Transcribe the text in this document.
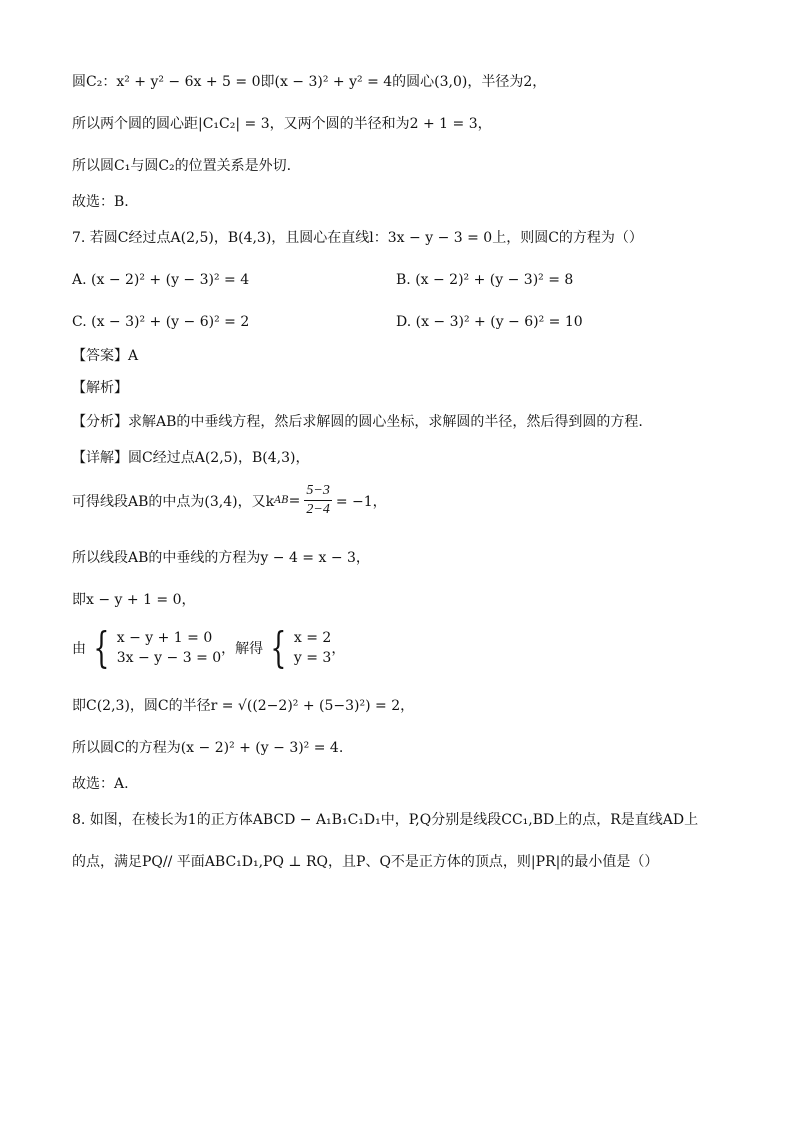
圆C₂：x² + y² − 6x + 5 = 0即(x − 3)² + y² = 4的圆心(3,0)，半径为2，
所以两个圆的圆心距|C₁C₂| = 3，又两个圆的半径和为2 + 1 = 3，
所以圆C₁与圆C₂的位置关系是外切.
故选：B.
7. 若圆C经过点A(2,5)，B(4,3)，且圆心在直线l：3x − y − 3 = 0上，则圆C的方程为（）
A. (x − 2)² + (y − 3)² = 4	B. (x − 2)² + (y − 3)² = 8
C. (x − 3)² + (y − 6)² = 2	D. (x − 3)² + (y − 6)² = 10
【答案】A
【解析】
【分析】求解AB的中垂线方程，然后求解圆的圆心坐标，求解圆的半径，然后得到圆的方程.
【详解】圆C经过点A(2,5)，B(4,3)，
可得线段AB的中点为(3,4)，又k AB = $\frac{5-3}{2-4} = -1$，
所以线段AB的中垂线的方程为y − 4 = x − 3，
即x − y + 1 = 0，
由 { x − y + 1 = 0
3x − y − 3 = 0
，解得 { x = 2
y = 3
，
即C(2,3)，圆C的半径r = √((2−2)² + (5−3)²) = 2，
所以圆C的方程为(x − 2)² + (y − 3)² = 4.
故选：A.
8. 如图，在棱长为1的正方体ABCD − A₁B₁C₁D₁中，P,Q分别是线段CC₁,BD上的点，R是直线AD上
的点，满足PQ// 平面ABC₁D₁,PQ ⊥ RQ，且P、Q不是正方体的顶点，则|PR|的最小值是（）
